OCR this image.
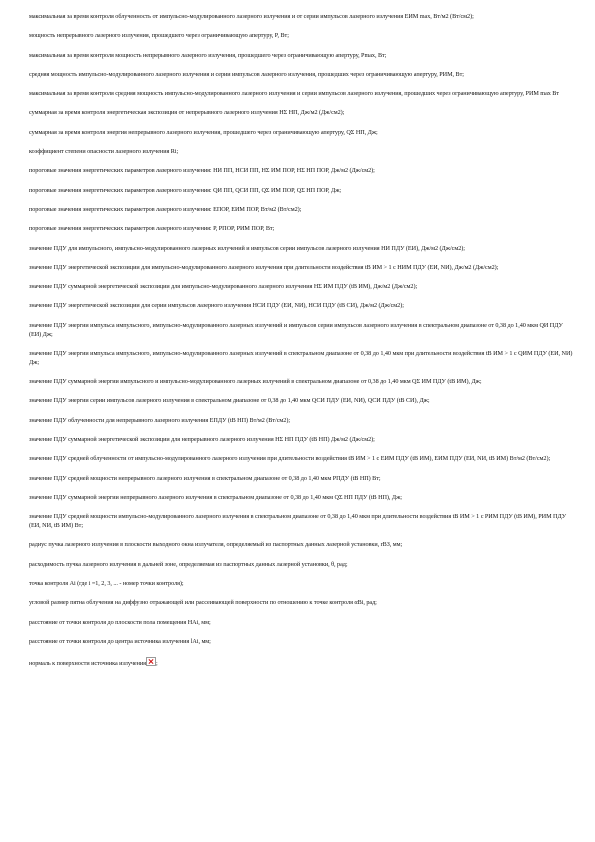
максимальная за время контроля облученность от импульсно-модулированного лазерного излучения и от серии импульсов лазерного излучения EИМ max, Вт/м2 (Вт/см2);

мощность непрерывного лазерного излучения, прошедшего через ограничивающую апертуру, P, Вт;

максимальная за время контроля мощность непрерывного лазерного излучения, прошедшего через ограничивающую апертуру, Pmax, Вт;

средняя мощность импульсно-модулированного лазерного излучения и серии импульсов лазерного излучения, прошедших через ограничивающую апертуру, PИМ, Вт;

максимальная за время контроля средняя мощность импульсно-модулированного лазерного излучения и серии импульсов лазерного излучения, прошедших через ограничивающую апертуру, PИМ max Вт

суммарная за время контроля энергетическая экспозиция от непрерывного лазерного излучения HΣ НП, Дж/м2 (Дж/см2);

суммарная за время контроля энергия непрерывного лазерного излучения, прошедшего через ограничивающую апертуру, QΣ НП, Дж;

коэффициент степени опасности лазерного излучения Ri;

пороговые значения энергетических параметров лазерного излучения: HИ ПП, HСИ ПП, HΣ ИМ ПОР, HΣ НП ПОР, Дж/м2 (Дж/см2);

пороговые значения энергетических параметров лазерного излучения: QИ ПП, QСИ ПП, QΣ ИМ ПОР, QΣ НП ПОР, Дж;

пороговые значения энергетических параметров лазерного излучения: EПОР, EИМ ПОР, Вт/м2 (Вт/см2);

пороговые значения энергетических параметров лазерного излучения: P, PПОР, PИМ ПОР, Вт;

значение ПДУ для импульсного, импульсно-модулированного лазерных излучений и импульсов серии импульсов лазерного излучения HИ ПДУ (ЕИ), Дж/м2 (Дж/см2);

значение ПДУ энергетической экспозиции для импульсно-модулированного лазерного излучения при длительности воздействия tВ ИМ > 1 с HИМ ПДУ (ЕИ, NИ), Дж/м2 (Дж/см2);

значение ПДУ суммарной энергетической экспозиции для импульсно-модулированного лазерного излучения HΣ ИМ ПДУ (tВ ИМ), Дж/м2 (Дж/см2);

значение ПДУ энергетической экспозиции для серии импульсов лазерного излучения HСИ ПДУ (ЕИ, NИ), HСИ ПДУ (tВ СИ), Дж/м2 (Дж/см2);

значение ПДУ энергии импульса импульсного, импульсно-модулированного лазерных излучений и импульсов серии импульсов лазерного излучения в спектральном диапазоне от 0,38 до 1,40 мкм QИ ПДУ (ЕИ) Дж;

значение ПДУ энергии импульса импульсного, импульсно-модулированного лазерных излучений в спектральном диапазоне от 0,38 до 1,40 мкм при длительности воздействия tВ ИМ > 1 с QИМ ПДУ (ЕИ, NИ) Дж;

значение ПДУ суммарной энергии импульсного и импульсно-модулированного лазерных излучений в спектральном диапазоне от 0,38 до 1,40 мкм QΣ ИМ ПДУ (tВ ИМ), Дж;

значение ПДУ энергии серии импульсов лазерного излучения в спектральном диапазоне от 0,38 до 1,40 мкм QСИ ПДУ (ЕИ, NИ), QСИ ПДУ (tВ СИ), Дж;

значение ПДУ облученности для непрерывного лазерного излучения EПДУ (tВ НП) Вт/м2 (Вт/см2);

значение ПДУ суммарной энергетической экспозиции для непрерывного лазерного излучения HΣ НП ПДУ (tВ НП) Дж/м2 (Дж/см2);

значение ПДУ средней облученности от импульсно-модулированного лазерного излучения при длительности воздействия tВ ИМ > 1 с EИМ ПДУ (tВ ИМ), EИМ ПДУ (ЕИ, NИ, tВ ИМ) Вт/м2 (Вт/см2);

значение ПДУ средней мощности непрерывного лазерного излучения в спектральном диапазоне от 0,38 до 1,40 мкм PПДУ (tВ НП) Вт;

значение ПДУ суммарной энергии непрерывного лазерного излучения в спектральном диапазоне от 0,38 до 1,40 мкм QΣ НП ПДУ (tВ НП), Дж;

значение ПДУ средней мощности импульсно-модулированного лазерного излучения в спектральном диапазоне от 0,38 до 1,40 мкм при длительности воздействия tВ ИМ > 1 с PИМ ПДУ (tВ ИМ), PИМ ПДУ (ЕИ, NИ, tВ ИМ) Вт;

радиус пучка лазерного излучения в плоскости выходного окна излучателя, определяемый из паспортных данных лазерной установки, rВЗ, мм;

расходимость пучка лазерного излучения в дальней зоне, определяемая из паспортных данных лазерной установки, θ, рад;

точка контроля Ai (где i =1, 2, 3, ... - номер точки контроля);

угловой размер пятна облучения на диффузно отражающей или рассеивающей поверхности по отношению к точке контроля αВi, рад;

расстояние от точки контроля до плоскости пола помещения HAi, мм;

расстояние от точки контроля до центра источника излучения lAi, мм;

нормаль к поверхности источника излучения ;
